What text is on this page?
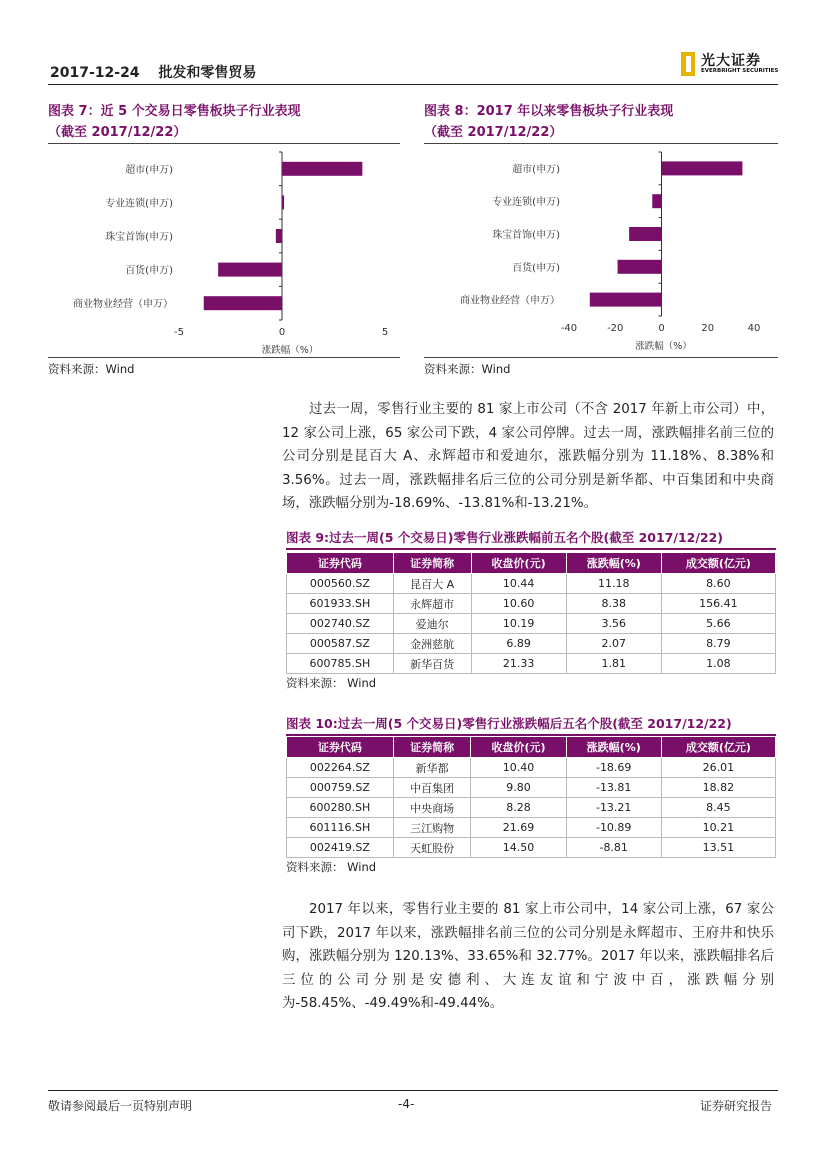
2017-12-24 批发和零售贸易
光大证券
EVERBRIGHT SECURITIES
图表 7：近 5 个交易日零售板块子行业表现
（截至 2017/12/22）
超市(申万)
专业连锁(申万)
珠宝首饰(申万)
百货(申万)
商业物业经营（申万）
-5	0	5
涨跌幅（%）
资料来源：Wind
图表 8：2017 年以来零售板块子行业表现
（截至 2017/12/22）
超市(申万)
专业连锁(申万)
珠宝首饰(申万)
百货(申万)
商业物业经营（申万）
-40	-20	0	20	40
涨跌幅（%）
资料来源：Wind

过去一周，零售行业主要的 81 家上市公司（不含 2017 年新上市公司）中，12 家公司上涨，65 家公司下跌，4 家公司停牌。过去一周，涨跌幅排名前三位的公司分别是昆百大 A、永辉超市和爱迪尔，涨跌幅分别为 11.18%、8.38%和 3.56%。过去一周，涨跌幅排名后三位的公司分别是新华都、中百集团和中央商场，涨跌幅分别为-18.69%、-13.81%和-13.21%。

图表 9:过去一周(5 个交易日)零售行业涨跌幅前五名个股(截至 2017/12/22)
证券代码	证券简称	收盘价(元)	涨跌幅(%)	成交额(亿元)
000560.SZ	昆百大 A	10.44	11.18	8.60
601933.SH	永辉超市	10.60	8.38	156.41
002740.SZ	爱迪尔	10.19	3.56	5.66
000587.SZ	金洲慈航	6.89	2.07	8.79
600785.SH	新华百货	21.33	1.81	1.08
资料来源： Wind
图表 10:过去一周(5 个交易日)零售行业涨跌幅后五名个股(截至 2017/12/22)
证券代码	证券简称	收盘价(元)	涨跌幅(%)	成交额(亿元)
002264.SZ	新华都	10.40	-18.69	26.01
000759.SZ	中百集团	9.80	-13.81	18.82
600280.SH	中央商场	8.28	-13.21	8.45
601116.SH	三江购物	21.69	-10.89	10.21
002419.SZ	天虹股份	14.50	-8.81	13.51
资料来源： Wind

2017 年以来，零售行业主要的 81 家上市公司中，14 家公司上涨，67 家公司下跌，2017 年以来，涨跌幅排名前三位的公司分别是永辉超市、王府井和快乐购，涨跌幅分别为 120.13%、33.65%和 32.77%。2017 年以来，涨跌幅排名后三位的公司分别是安德利、大连友谊和宁波中百，涨跌幅分别为-58.45%、-49.49%和-49.44%。

敬请参阅最后一页特别声明	-4-	证券研究报告
